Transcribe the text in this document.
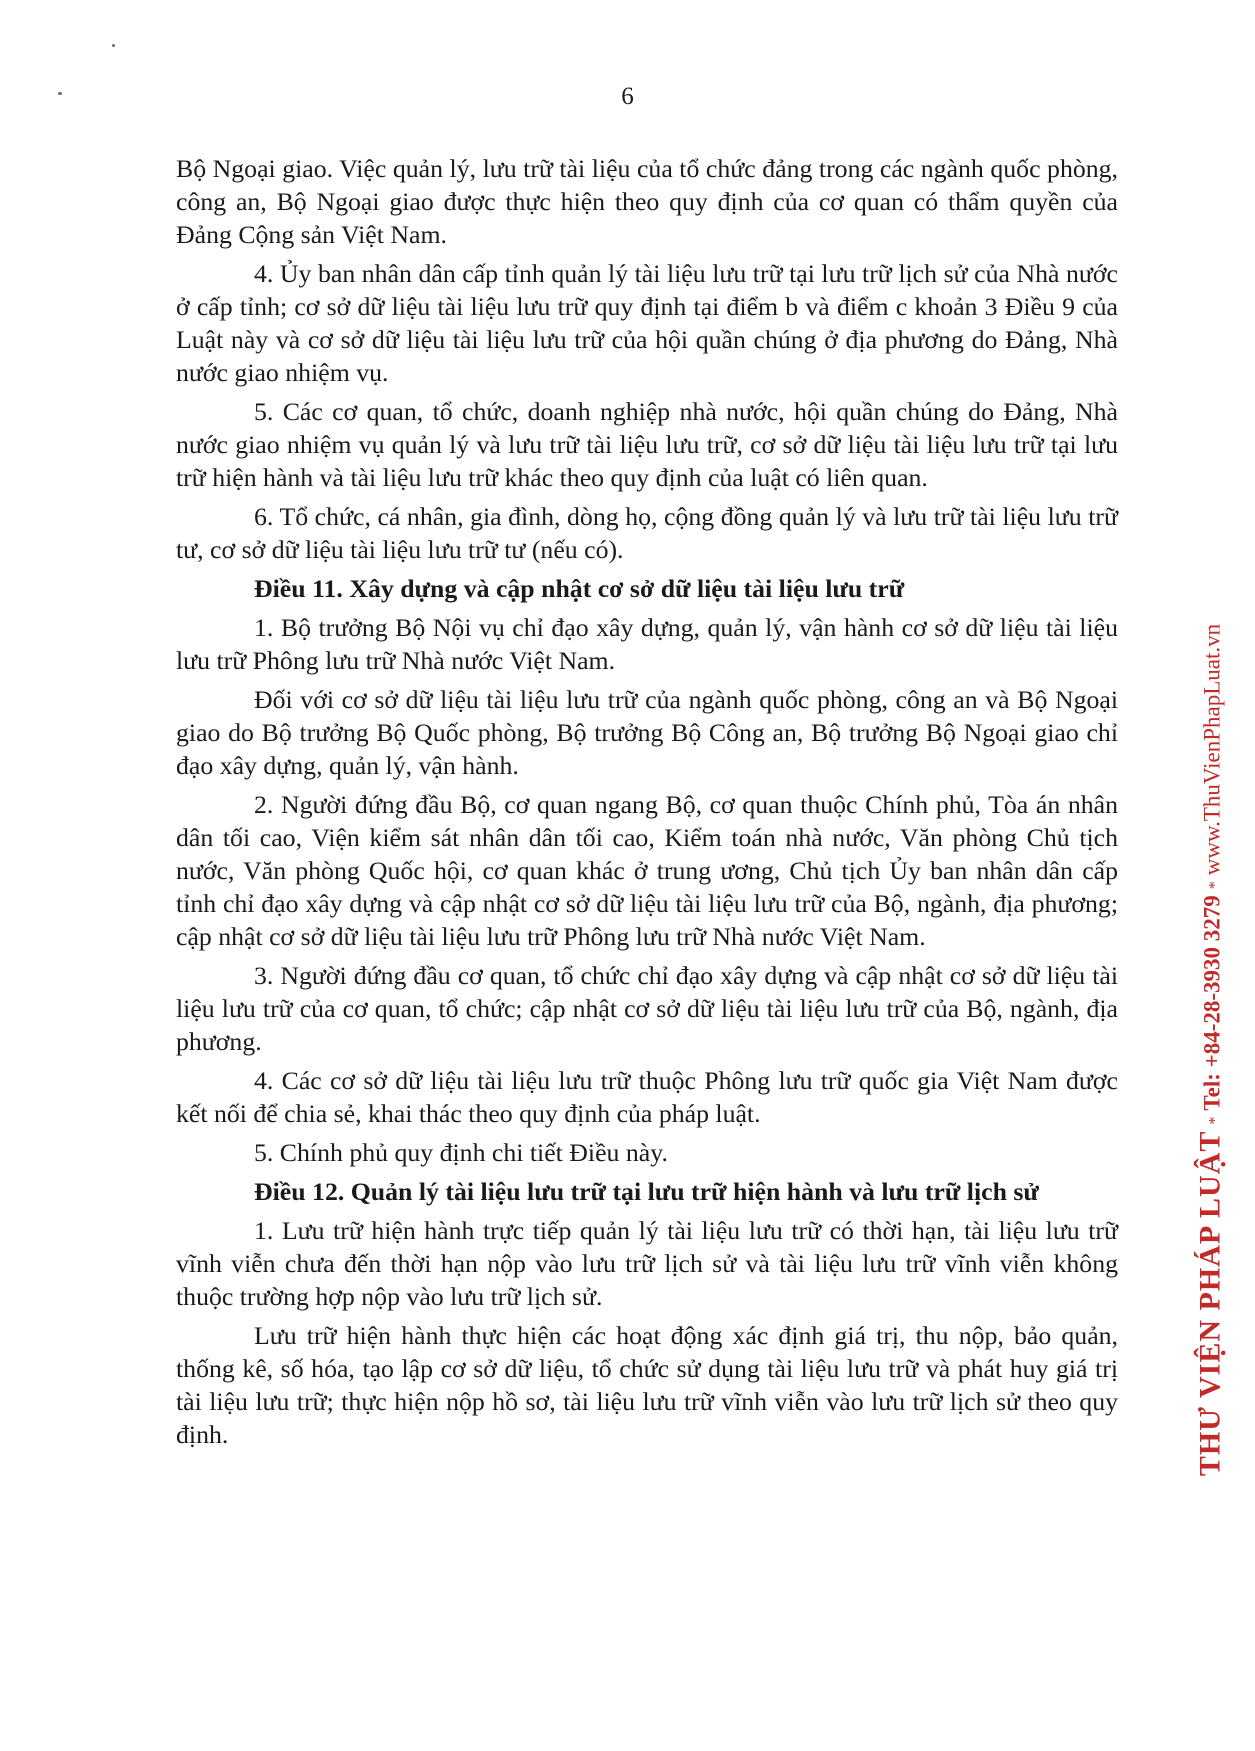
6

Bộ Ngoại giao. Việc quản lý, lưu trữ tài liệu của tổ chức đảng trong các ngành quốc phòng, công an, Bộ Ngoại giao được thực hiện theo quy định của cơ quan có thẩm quyền của Đảng Cộng sản Việt Nam.

4. Ủy ban nhân dân cấp tỉnh quản lý tài liệu lưu trữ tại lưu trữ lịch sử của Nhà nước ở cấp tỉnh; cơ sở dữ liệu tài liệu lưu trữ quy định tại điểm b và điểm c khoản 3 Điều 9 của Luật này và cơ sở dữ liệu tài liệu lưu trữ của hội quần chúng ở địa phương do Đảng, Nhà nước giao nhiệm vụ.

5. Các cơ quan, tổ chức, doanh nghiệp nhà nước, hội quần chúng do Đảng, Nhà nước giao nhiệm vụ quản lý và lưu trữ tài liệu lưu trữ, cơ sở dữ liệu tài liệu lưu trữ tại lưu trữ hiện hành và tài liệu lưu trữ khác theo quy định của luật có liên quan.

6. Tổ chức, cá nhân, gia đình, dòng họ, cộng đồng quản lý và lưu trữ tài liệu lưu trữ tư, cơ sở dữ liệu tài liệu lưu trữ tư (nếu có).

Điều 11. Xây dựng và cập nhật cơ sở dữ liệu tài liệu lưu trữ

1. Bộ trưởng Bộ Nội vụ chỉ đạo xây dựng, quản lý, vận hành cơ sở dữ liệu tài liệu lưu trữ Phông lưu trữ Nhà nước Việt Nam.

Đối với cơ sở dữ liệu tài liệu lưu trữ của ngành quốc phòng, công an và Bộ Ngoại giao do Bộ trưởng Bộ Quốc phòng, Bộ trưởng Bộ Công an, Bộ trưởng Bộ Ngoại giao chỉ đạo xây dựng, quản lý, vận hành.

2. Người đứng đầu Bộ, cơ quan ngang Bộ, cơ quan thuộc Chính phủ, Tòa án nhân dân tối cao, Viện kiểm sát nhân dân tối cao, Kiểm toán nhà nước, Văn phòng Chủ tịch nước, Văn phòng Quốc hội, cơ quan khác ở trung ương, Chủ tịch Ủy ban nhân dân cấp tỉnh chỉ đạo xây dựng và cập nhật cơ sở dữ liệu tài liệu lưu trữ của Bộ, ngành, địa phương; cập nhật cơ sở dữ liệu tài liệu lưu trữ Phông lưu trữ Nhà nước Việt Nam.

3. Người đứng đầu cơ quan, tổ chức chỉ đạo xây dựng và cập nhật cơ sở dữ liệu tài liệu lưu trữ của cơ quan, tổ chức; cập nhật cơ sở dữ liệu tài liệu lưu trữ của Bộ, ngành, địa phương.

4. Các cơ sở dữ liệu tài liệu lưu trữ thuộc Phông lưu trữ quốc gia Việt Nam được kết nối để chia sẻ, khai thác theo quy định của pháp luật.

5. Chính phủ quy định chi tiết Điều này.

Điều 12. Quản lý tài liệu lưu trữ tại lưu trữ hiện hành và lưu trữ lịch sử

1. Lưu trữ hiện hành trực tiếp quản lý tài liệu lưu trữ có thời hạn, tài liệu lưu trữ vĩnh viễn chưa đến thời hạn nộp vào lưu trữ lịch sử và tài liệu lưu trữ vĩnh viễn không thuộc trường hợp nộp vào lưu trữ lịch sử.

Lưu trữ hiện hành thực hiện các hoạt động xác định giá trị, thu nộp, bảo quản, thống kê, số hóa, tạo lập cơ sở dữ liệu, tổ chức sử dụng tài liệu lưu trữ và phát huy giá trị tài liệu lưu trữ; thực hiện nộp hồ sơ, tài liệu lưu trữ vĩnh viễn vào lưu trữ lịch sử theo quy định.	THƯ VIỆN PHÁP LUẬT*Tel: +84-28-3930 3279*www.ThuVienPhapLuat.vn
